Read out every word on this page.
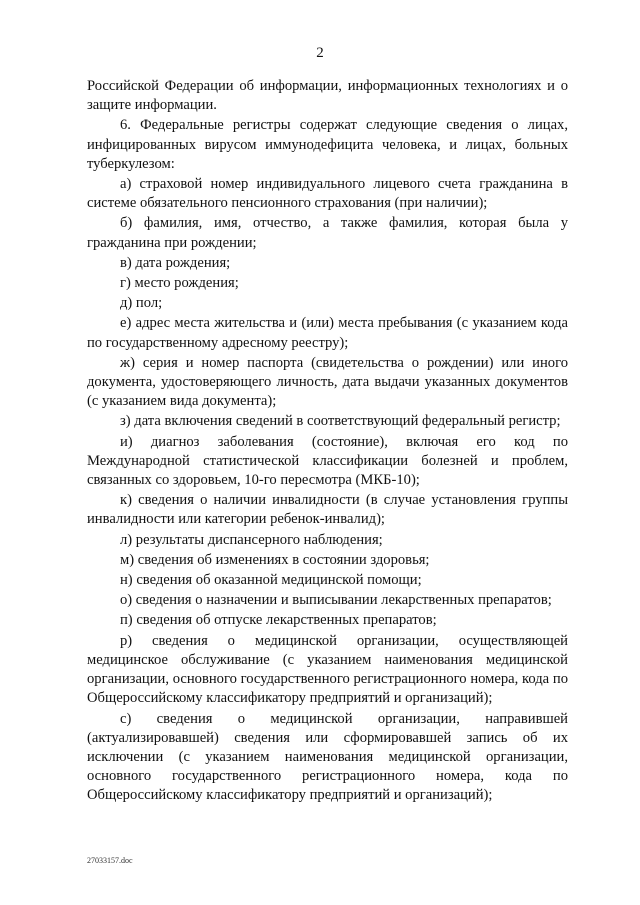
2

Российской Федерации об информации, информационных технологиях и о защите информации.

6. Федеральные регистры содержат следующие сведения о лицах, инфицированных вирусом иммунодефицита человека, и лицах, больных туберкулезом:

а) страховой номер индивидуального лицевого счета гражданина в системе обязательного пенсионного страхования (при наличии);

б) фамилия, имя, отчество, а также фамилия, которая была у гражданина при рождении;

в) дата рождения;

г) место рождения;

д) пол;

е) адрес места жительства и (или) места пребывания (с указанием кода по государственному адресному реестру);

ж) серия и номер паспорта (свидетельства о рождении) или иного документа, удостоверяющего личность, дата выдачи указанных документов (с указанием вида документа);

з) дата включения сведений в соответствующий федеральный регистр;

и) диагноз заболевания (состояние), включая его код по Международной статистической классификации болезней и проблем, связанных со здоровьем, 10-го пересмотра (МКБ-10);

к) сведения о наличии инвалидности (в случае установления группы инвалидности или категории ребенок-инвалид);

л) результаты диспансерного наблюдения;

м) сведения об изменениях в состоянии здоровья;

н) сведения об оказанной медицинской помощи;

о) сведения о назначении и выписывании лекарственных препаратов;

п) сведения об отпуске лекарственных препаратов;

р) сведения о медицинской организации, осуществляющей медицинское обслуживание (с указанием наименования медицинской организации, основного государственного регистрационного номера, кода по Общероссийскому классификатору предприятий и организаций);

с) сведения о медицинской организации, направившей (актуализировавшей) сведения или сформировавшей запись об их исключении (с указанием наименования медицинской организации, основного государственного регистрационного номера, кода по Общероссийскому классификатору предприятий и организаций);

27033157.doc
